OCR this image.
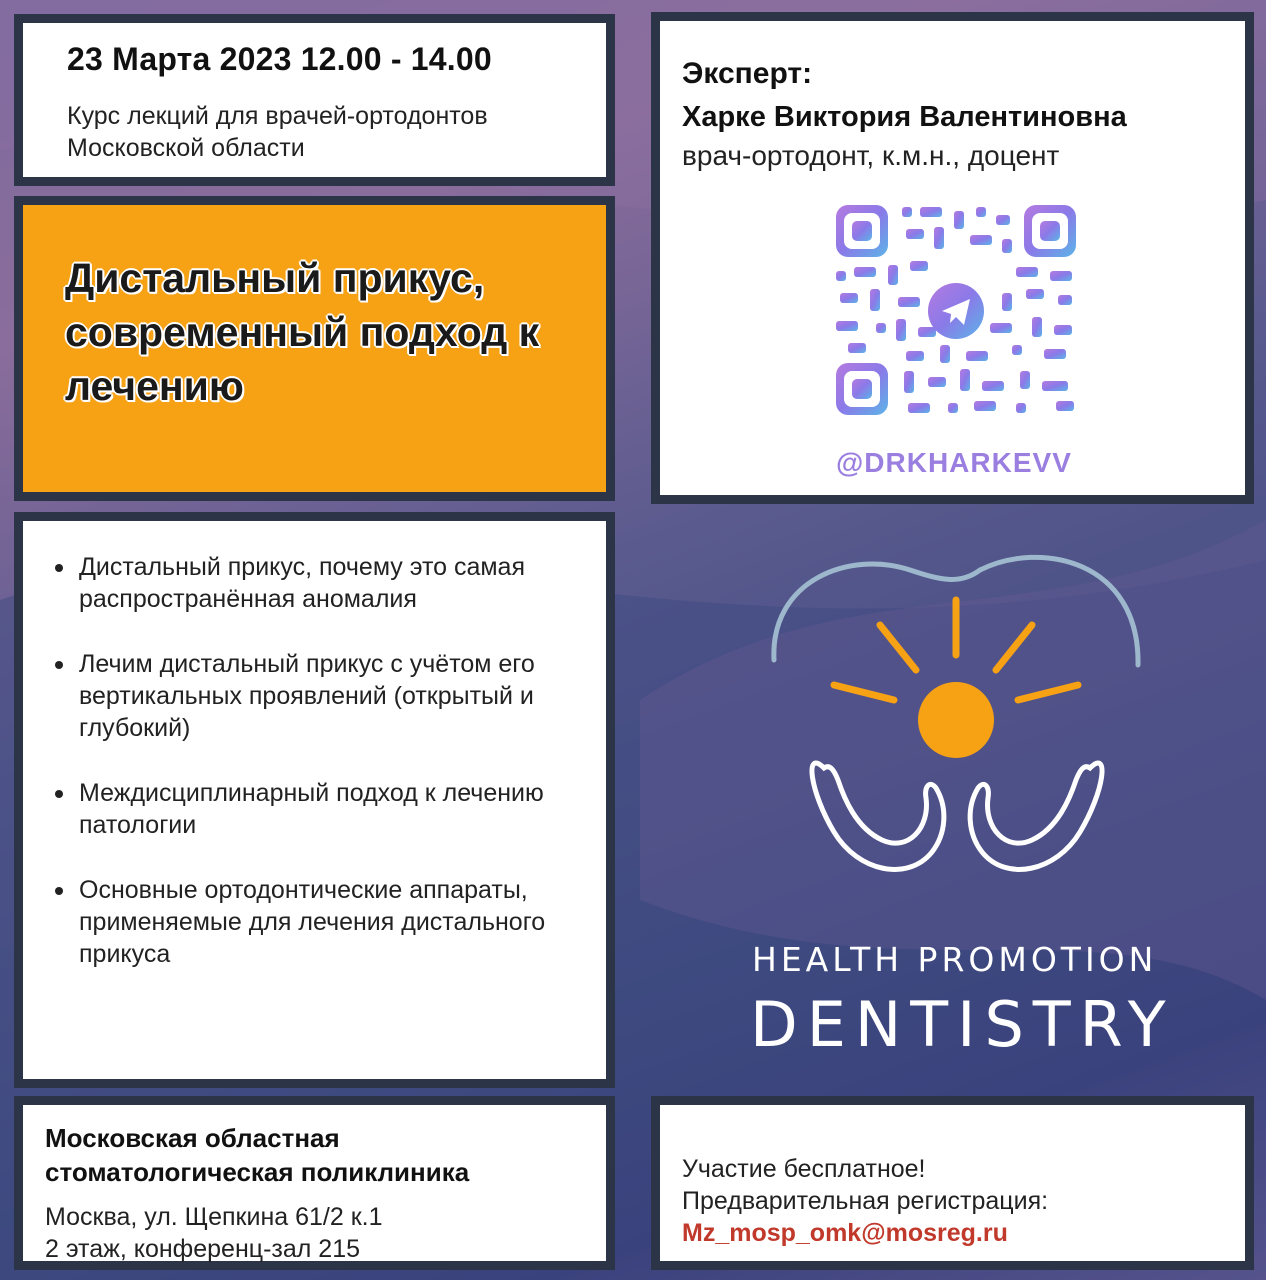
23 Марта 2023 12.00 - 14.00
Курс лекций для врачей-ортодонтов Московской области
Дистальный прикус, современный подход к лечению
Дистальный прикус, почему это самая распространённая аномалия
Лечим дистальный прикус с учётом его вертикальных проявлений (открытый и глубокий)
Междисциплинарный подход к лечению патологии
Основные ортодонтические аппараты, применяемые для лечения дистального прикуса
Московская областная стоматологическая поликлиника
Москва, ул. Щепкина 61/2 к.1
2 этаж, конференц-зал 215
Эксперт:
Харке Виктория Валентиновна
врач-ортодонт, к.м.н., доцент
@DRKHARKEVV
HEALTH PROMOTION
DENTISTRY
Участие бесплатное!
Предварительная регистрация:
Mz_mosp_omk@mosreg.ru
